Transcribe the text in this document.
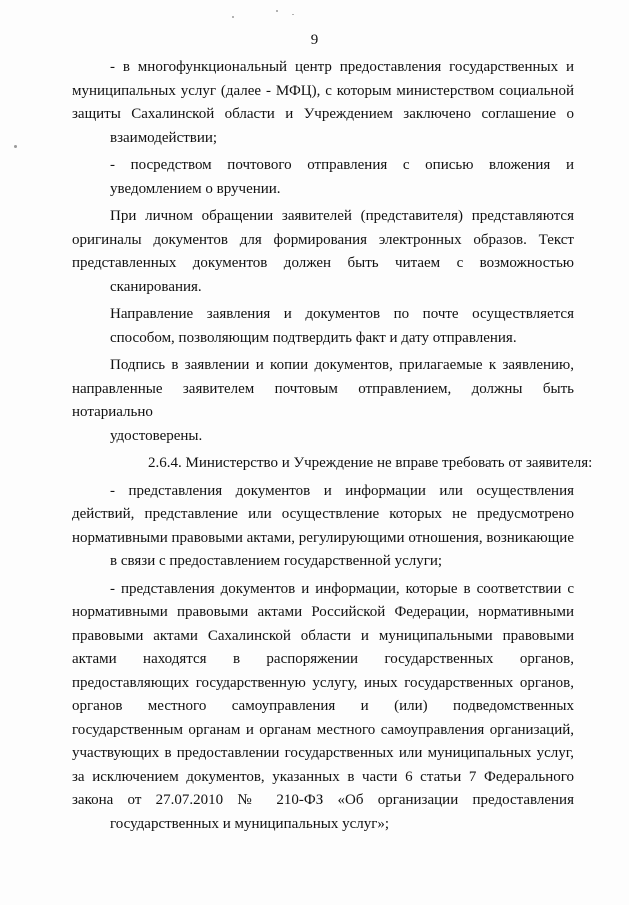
9
- в многофункциональный центр предоставления государственных и
муниципальных услуг (далее - МФЦ), с которым министерством социальной
защиты Сахалинской области и Учреждением заключено соглашение о
взаимодействии;
- посредством почтового отправления с описью вложения и
уведомлением о вручении.
При личном обращении заявителей (представителя) представляются
оригиналы документов для формирования электронных образов. Текст
представленных документов должен быть читаем с возможностью
сканирования.
Направление заявления и документов по почте осуществляется
способом, позволяющим подтвердить факт и дату отправления.
Подпись в заявлении и копии документов, прилагаемые к заявлению,
направленные заявителем почтовым отправлением, должны быть нотариально
удостоверены.
2.6.4. Министерство и Учреждение не вправе требовать от заявителя:
- представления документов и информации или осуществления
действий, представление или осуществление которых не предусмотрено
нормативными правовыми актами, регулирующими отношения, возникающие
в связи с предоставлением государственной услуги;
- представления документов и информации, которые в соответствии с
нормативными правовыми актами Российской Федерации, нормативными
правовыми актами Сахалинской области и муниципальными правовыми
актами находятся в распоряжении государственных органов,
предоставляющих государственную услугу, иных государственных органов,
органов местного самоуправления и (или) подведомственных
государственным органам и органам местного самоуправления организаций,
участвующих в предоставлении государственных или муниципальных услуг,
за исключением документов, указанных в части 6 статьи 7 Федерального
закона от 27.07.2010 № 210-ФЗ «Об организации предоставления
государственных и муниципальных услуг»;
